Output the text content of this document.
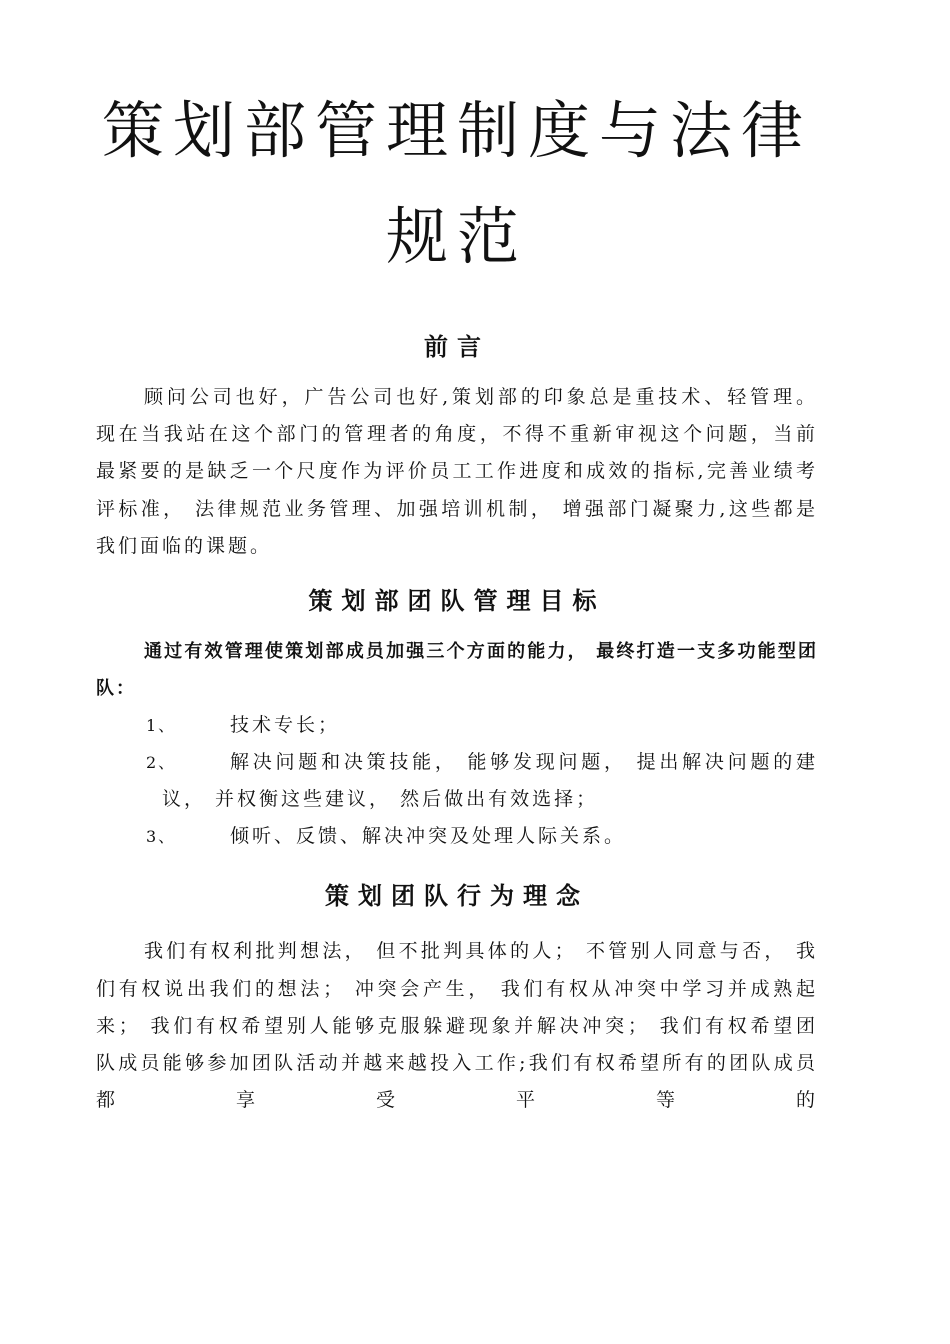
策划部管理制度与法律规范
前言

顾问公司也好，广告公司也好,策划部的印象总是重技术、轻管理。 现在当我站在这个部门的管理者的角度，不得不重新审视这个问题，当前最紧要的是缺乏一个尺度作为评价员工工作进度和成效的指标,完善业绩考评标准， 法律规范业务管理、加强培训机制， 增强部门凝聚力,这些都是我们面临的课题。

策划部团队管理目标

通过有效管理使策划部成员加强三个方面的能力， 最终打造一支多功能型团队：

1、	技术专长；
2、	解决问题和决策技能， 能够发现问题， 提出解决问题的建议， 并权衡这些建议， 然后做出有效选择；
3、	倾听、反馈、解决冲突及处理人际关系。
策划团队行为理念

我们有权利批判想法， 但不批判具体的人； 不管别人同意与否， 我们有权说出我们的想法； 冲突会产生， 我们有权从冲突中学习并成熟起来； 我们有权希望别人能够克服躲避现象并解决冲突； 我们有权希望团队成员能够参加团队活动并越来越投入工作;我们有权希望所有的团队成员都享受平等的
